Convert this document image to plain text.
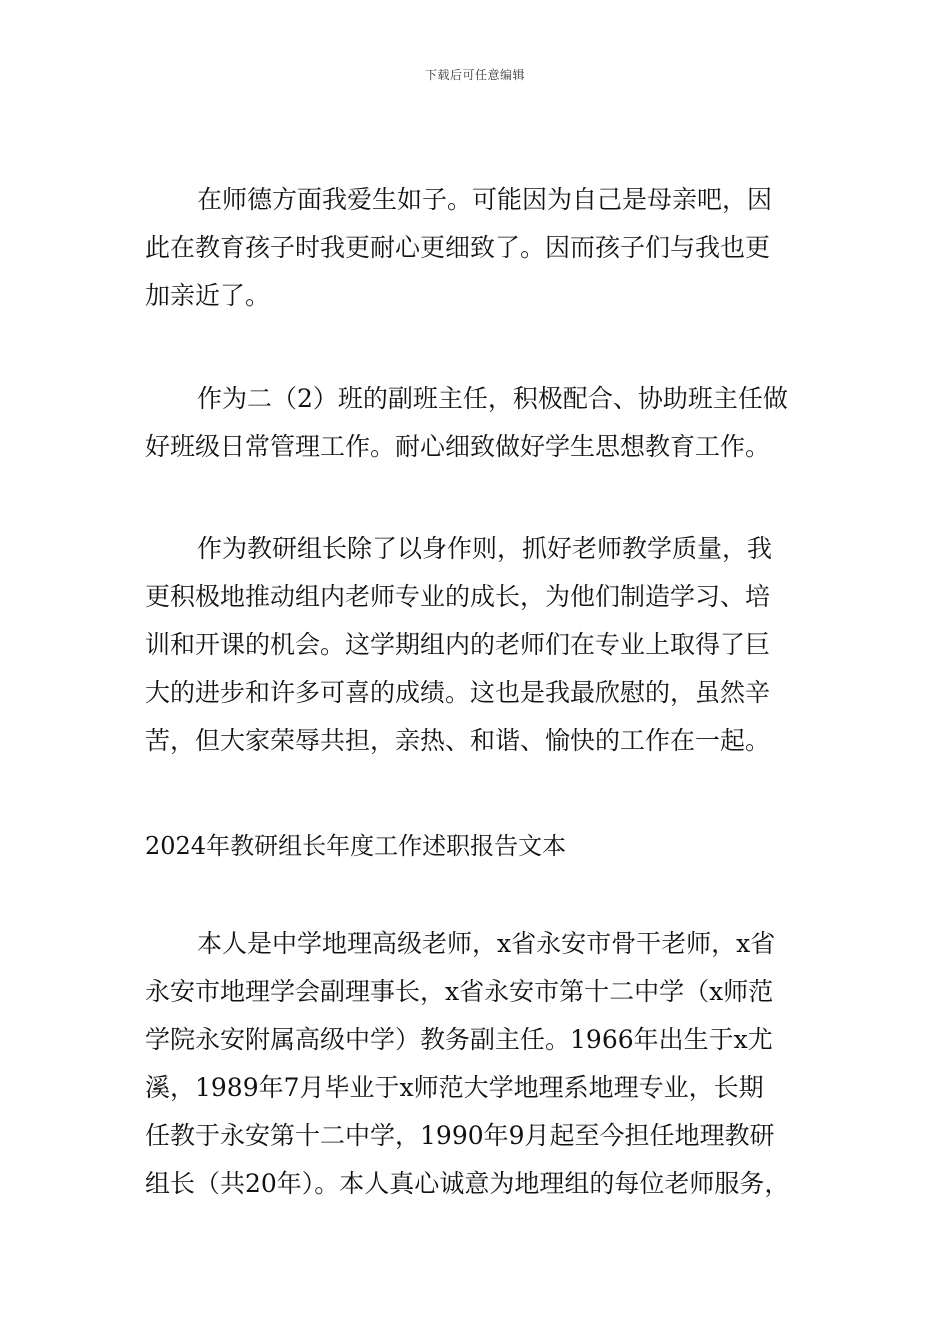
下载后可任意编辑

在师德方面我爱生如子。可能因为自己是母亲吧，因
此在教育孩子时我更耐心更细致了。因而孩子们与我也更
加亲近了。

作为二（2）班的副班主任，积极配合、协助班主任做
好班级日常管理工作。耐心细致做好学生思想教育工作。

作为教研组长除了以身作则，抓好老师教学质量，我
更积极地推动组内老师专业的成长，为他们制造学习、培
训和开课的机会。这学期组内的老师们在专业上取得了巨
大的进步和许多可喜的成绩。这也是我最欣慰的，虽然辛
苦，但大家荣辱共担，亲热、和谐、愉快的工作在一起。

2024年教研组长年度工作述职报告文本

本人是中学地理高级老师，x省永安市骨干老师，x省
永安市地理学会副理事长，x省永安市第十二中学（x师范
学院永安附属高级中学）教务副主任。1966年出生于x尤
溪，1989年7月毕业于x师范大学地理系地理专业，长期
任教于永安第十二中学，1990年9月起至今担任地理教研
组长（共20年）。本人真心诚意为地理组的每位老师服务，
